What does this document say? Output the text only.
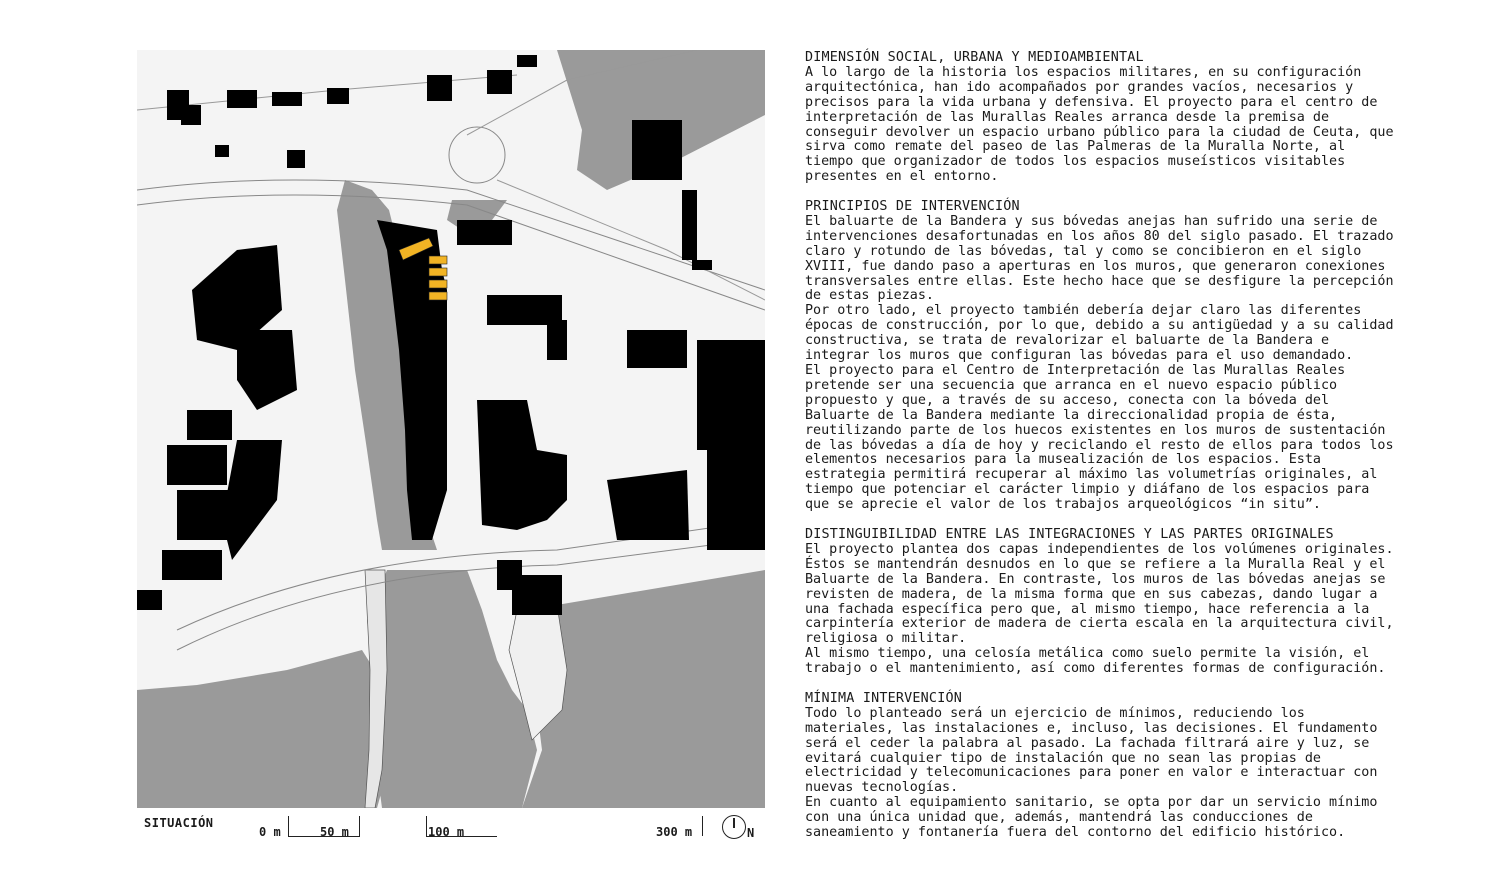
SITUACIÓN
0 m	50 m	100 m	300 m	N
DIMENSIÓN SOCIAL, URBANA Y MEDIOAMBIENTAL

A lo largo de la historia los espacios militares, en su configuración
arquitectónica, han ido acompañados por grandes vacíos, necesarios y
precisos para la vida urbana y defensiva. El proyecto para el centro de
interpretación de las Murallas Reales arranca desde la premisa de
conseguir devolver un espacio urbano público para la ciudad de Ceuta, que
sirva como remate del paseo de las Palmeras de la Muralla Norte, al
tiempo que organizador de todos los espacios museísticos visitables
presentes en el entorno.

PRINCIPIOS DE INTERVENCIÓN

El baluarte de la Bandera y sus bóvedas anejas han sufrido una serie de
intervenciones desafortunadas en los años 80 del siglo pasado. El trazado
claro y rotundo de las bóvedas, tal y como se concibieron en el siglo
XVIII, fue dando paso a aperturas en los muros, que generaron conexiones
transversales entre ellas. Este hecho hace que se desfigure la percepción
de estas piezas.
Por otro lado, el proyecto también debería dejar claro las diferentes
épocas de construcción, por lo que, debido a su antigüedad y a su calidad
constructiva, se trata de revalorizar el baluarte de la Bandera e
integrar los muros que configuran las bóvedas para el uso demandado.
El proyecto para el Centro de Interpretación de las Murallas Reales
pretende ser una secuencia que arranca en el nuevo espacio público
propuesto y que, a través de su acceso, conecta con la bóveda del
Baluarte de la Bandera mediante la direccionalidad propia de ésta,
reutilizando parte de los huecos existentes en los muros de sustentación
de las bóvedas a día de hoy y reciclando el resto de ellos para todos los
elementos necesarios para la musealización de los espacios. Esta
estrategia permitirá recuperar al máximo las volumetrías originales, al
tiempo que potenciar el carácter limpio y diáfano de los espacios para
que se aprecie el valor de los trabajos arqueológicos “in situ”.

DISTINGUIBILIDAD ENTRE LAS INTEGRACIONES Y LAS PARTES ORIGINALES

El proyecto plantea dos capas independientes de los volúmenes originales.
Éstos se mantendrán desnudos en lo que se refiere a la Muralla Real y el
Baluarte de la Bandera. En contraste, los muros de las bóvedas anejas se
revisten de madera, de la misma forma que en sus cabezas, dando lugar a
una fachada específica pero que, al mismo tiempo, hace referencia a la
carpintería exterior de madera de cierta escala en la arquitectura civil,
religiosa o militar.
Al mismo tiempo, una celosía metálica como suelo permite la visión, el
trabajo o el mantenimiento, así como diferentes formas de configuración.

MÍNIMA INTERVENCIÓN

Todo lo planteado será un ejercicio de mínimos, reduciendo los
materiales, las instalaciones e, incluso, las decisiones. El fundamento
será el ceder la palabra al pasado. La fachada filtrará aire y luz, se
evitará cualquier tipo de instalación que no sean las propias de
electricidad y telecomunicaciones para poner en valor e interactuar con
nuevas tecnologías.
En cuanto al equipamiento sanitario, se opta por dar un servicio mínimo
con una única unidad que, además, mantendrá las conducciones de
saneamiento y fontanería fuera del contorno del edificio histórico.
